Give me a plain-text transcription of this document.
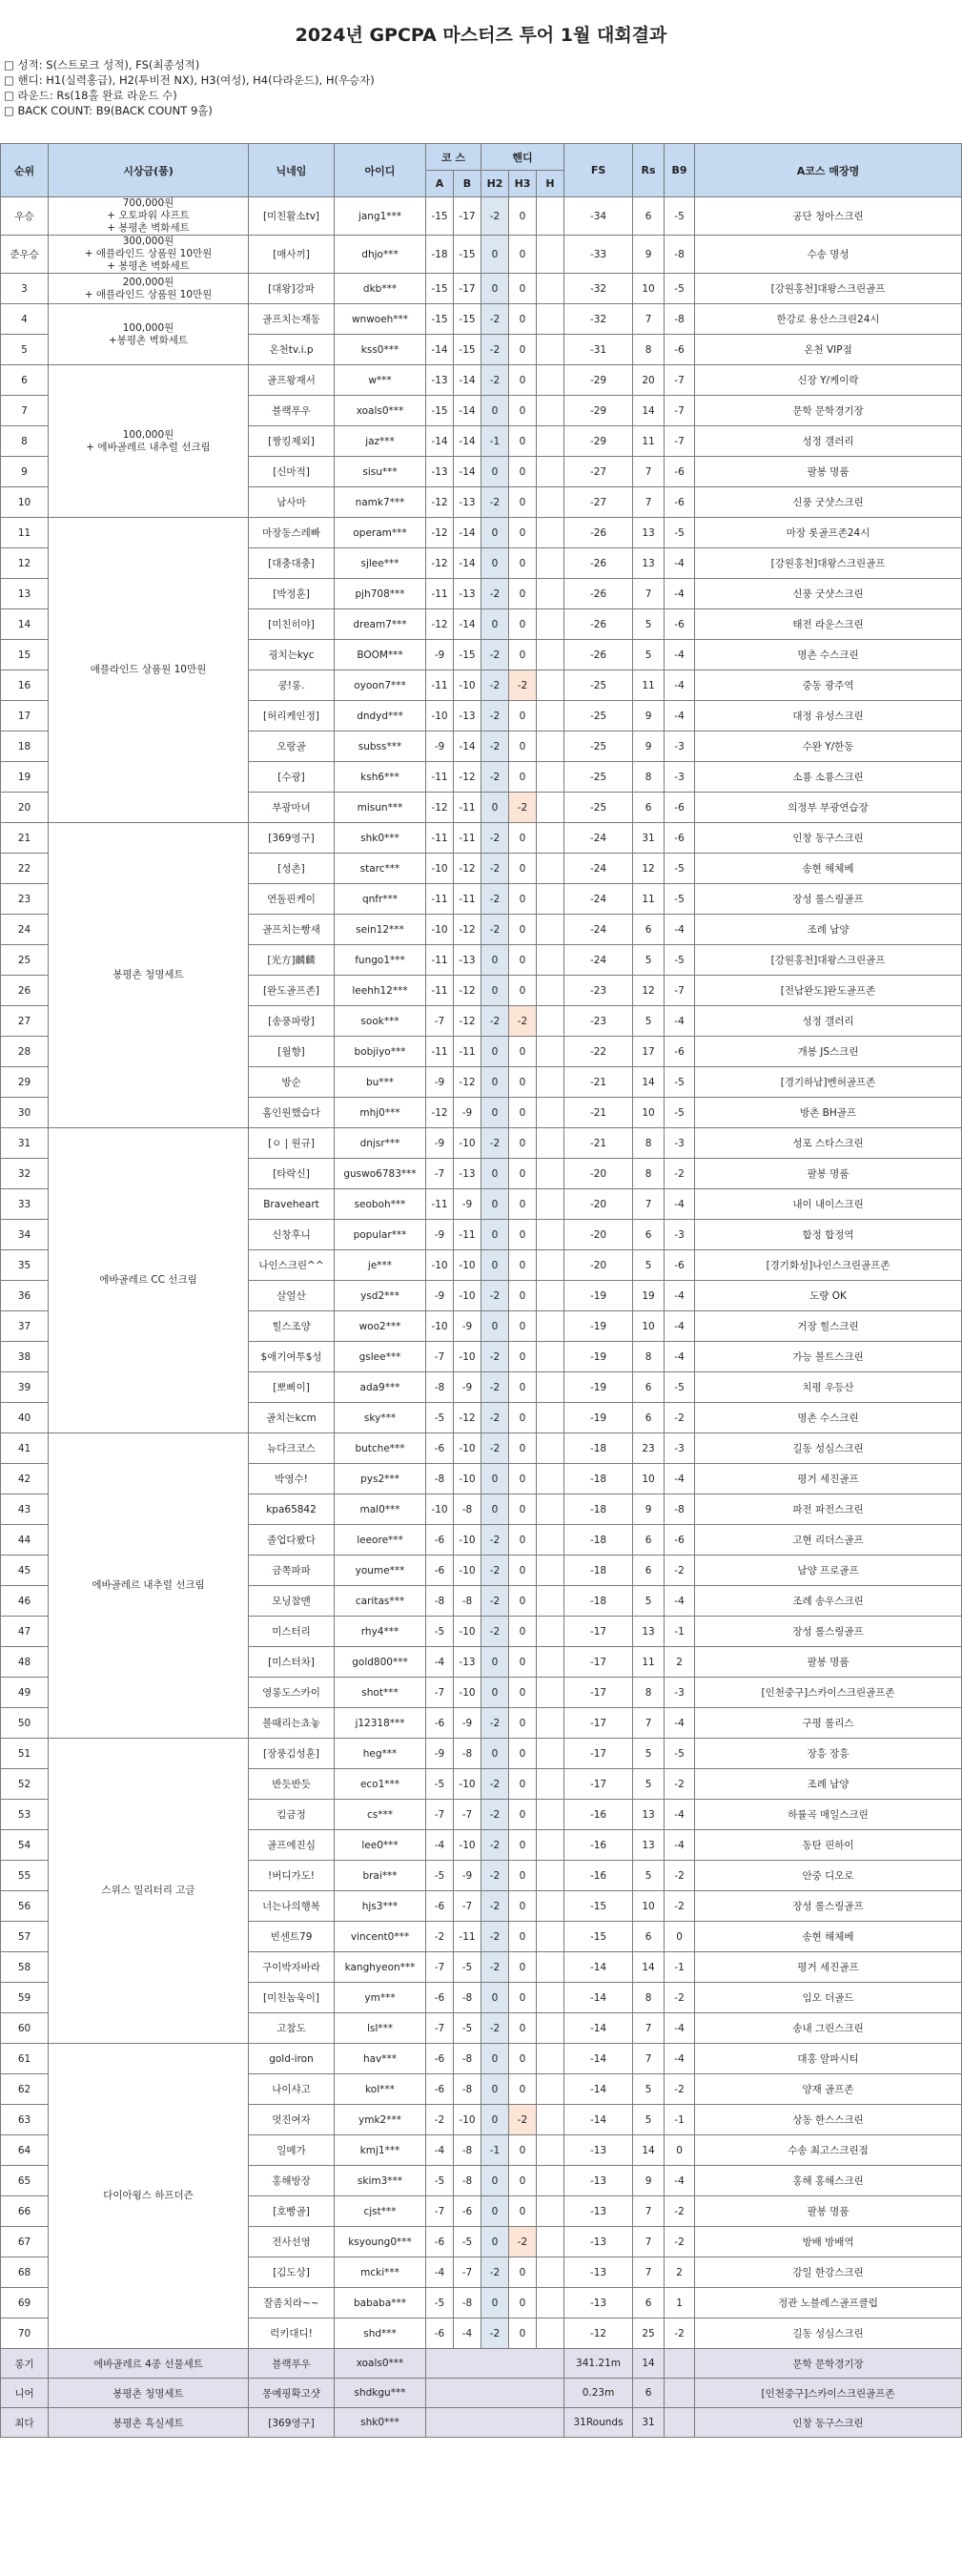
2024년 GPCPA 마스터즈 투어 1월 대회결과
□ 성적: S(스트로크 성적), FS(최종성적)
□ 핸디: H1(실력홍급), H2(투비전 NX), H3(여성), H4(다라운드), H(우승자)
□ 라운드: Rs(18홀 완료 라운드 수)
□ BACK COUNT: B9(BACK COUNT 9홀)
순위	시상금(품)	닉네임	아이디	코 스		핸디			FS	Rs	B9	A코스 매장명
				A	B	H2	H3	H				
우승	700,000원
+ 오토파워 샤프트
+ 봉평촌 벽화세트	[미친활소tv]	jang1***	-15	-17	-2	0		-34	6	-5	공단 청아스크린
준우승	300,000원
+ 애플라인드 상품원 10만원
+ 봉평촌 벽화세트	[매사끼]	dhjo***	-18	-15	0	0		-33	9	-8	수송 명성
3	200,000원
+ 애플라인드 상품원 10만원	[대왕]강파	dkb***	-15	-17	0	0		-32	10	-5	[강원홍천]대왕스크린골프
4	100,000원
+봉평촌 벽화세트	골프치는재동	wnwoeh***	-15	-15	-2	0		-32	7	-8	한강로 용산스크린24시
5		온천tv.i.p	kss0***	-14	-15	-2	0		-31	8	-6	온천 VIP점
6	100,000원
+ 에바골레르 내추럴 선크림	골프왕재서	w***	-13	-14	-2	0		-29	20	-7	신장 Y/케이락
7		블랙푸우	xoals0***	-15	-14	0	0		-29	14	-7	문학 문학경기장
8		[짱킹제외]	jaz***	-14	-14	-1	0		-29	11	-7	성정 갤러리
9		[신마적]	sisu***	-13	-14	0	0		-27	7	-6	팔봉 명품
10		남사마	namk7***	-12	-13	-2	0		-27	7	-6	신풍 굿샷스크린
11	애플라인드 상품원 10만원	마장동스레빠	operam***	-12	-14	0	0		-26	13	-5	마장 롯골프존24시
12		[대충대충]	sjlee***	-12	-14	0	0		-26	13	-4	[강원홍천]대왕스크린골프
13		[박정훈]	pjh708***	-11	-13	-2	0		-26	7	-4	신풍 굿샷스크린
14		[미친히야]	dream7***	-12	-14	0	0		-26	5	-6	태전 라운스크린
15		굉치는kyc	BOOM***	-9	-15	-2	0		-26	5	-4	명촌 수스크린
16		쿵!롱.	oyoon7***	-11	-10	-2	-2		-25	11	-4	중동 광주역
17		[허리케인정]	dndyd***	-10	-13	-2	0		-25	9	-4	대정 유성스크린
18		오랑골	subss***	-9	-14	-2	0		-25	9	-3	수완 Y/한동
19		[수광]	ksh6***	-11	-12	-2	0		-25	8	-3	소룡 소룡스크린
20		부광마녀	misun***	-12	-11	0	-2		-25	6	-6	의정부 부광연습장
21	봉평촌 청명세트	[369영구]	shk0***	-11	-11	-2	0		-24	31	-6	인창 동구스크린
22		[성촌]	starc***	-10	-12	-2	0		-24	12	-5	송현 해체베
23		연돌핀케이	qnfr***	-11	-11	-2	0		-24	11	-5	장성 롤스링골프
24		골프치는빵새	sein12***	-10	-12	-2	0		-24	6	-4	조례 남양
25		[光方]麟麟	fungo1***	-11	-13	0	0		-24	5	-5	[강원홍천]대왕스크린골프
26		[완도골프존]	leehh12***	-11	-12	0	0		-23	12	-7	[전남완도]완도골프존
27		[송풍파랑]	sook***	-7	-12	-2	-2		-23	5	-4	성정 갤러리
28		[월향]	bobjiyo***	-11	-11	0	0		-22	17	-6	개봉 JS스크린
29		방순	bu***	-9	-12	0	0		-21	14	-5	[경기하남]벤허골프존
30		홈인원했습다	mhj0***	-12	-9	0	0		-21	10	-5	방촌 BH골프
31	에바골레르 CC 선크림	[ㅇ | 원규]	dnjsr***	-9	-10	-2	0		-21	8	-3	성포 스타스크린
32		[타락신]	guswo6783***	-7	-13	0	0		-20	8	-2	팔봉 명품
33		Braveheart	seoboh***	-11	-9	0	0		-20	7	-4	내이 내이스크린
34		신창후니	popular***	-9	-11	0	0		-20	6	-3	합정 합정역
35		나인스크린^^	je***	-10	-10	0	0		-20	5	-6	[경기화성]나인스크린골프존
36		살얼산	ysd2***	-9	-10	-2	0		-19	19	-4	도량 OK
37		힐스조양	woo2***	-10	-9	0	0		-19	10	-4	거장 힐스크린
38		$애기여투$성	gslee***	-7	-10	-2	0		-19	8	-4	가능 볼트스크린
39		[뽀삐이]	ada9***	-8	-9	-2	0		-19	6	-5	치평 우등산
40		골치는kcm	sky***	-5	-12	-2	0		-19	6	-2	명촌 수스크린
41	에바골레르 내추럴 선크림	뉴다크코스	butche***	-6	-10	-2	0		-18	23	-3	길동 성심스크린
42		박영수!	pys2***	-8	-10	0	0		-18	10	-4	평거 세진골프
43		kpa65842	mal0***	-10	-8	0	0		-18	9	-8	파전 파전스크린
44		졸업다봤다	leeore***	-6	-10	-2	0		-18	6	-6	고현 리더스골프
45		금쪽파파	youme***	-6	-10	-2	0		-18	6	-2	남양 프로골프
46		모닝참맨	caritas***	-8	-8	-2	0		-18	5	-4	조례 송우스크린
47		미스터리	rhy4***	-5	-10	-2	0		-17	13	-1	장성 롤스링골프
48		[미스터차]	gold800***	-4	-13	0	0		-17	11	2	팔봉 명품
49		영롱도스카이	shot***	-7	-10	0	0		-17	8	-3	[인천중구]스카이스크린골프존
50		볼때리는쵸놓	j12318***	-6	-9	-2	0		-17	7	-4	구평 롤리스
51	스위스 밀리터리 고글	[장풍김성훈]	heg***	-9	-8	0	0		-17	5	-5	장흥 장흥
52		반듯반듯	eco1***	-5	-10	-2	0		-17	5	-2	조례 남양
53		킴금정	cs***	-7	-7	-2	0		-16	13	-4	하률곡 매일스크린
54		골프에진심	lee0***	-4	-10	-2	0		-16	13	-4	동탄 핀하이
55		!버디가도!	brai***	-5	-9	-2	0		-16	5	-2	안중 디오로
56		너는나의행복	hjs3***	-6	-7	-2	0		-15	10	-2	장성 롤스링골프
57		빈센트79	vincent0***	-2	-11	-2	0		-15	6	0	송현 해체베
58		구이박자바라	kanghyeon***	-7	-5	-2	0		-14	14	-1	평거 세진골프
59		[미친놈욱이]	ym***	-6	-8	0	0		-14	8	-2	임오 더골드
60		고참도	lsl***	-7	-5	-2	0		-14	7	-4	송내 그린스크린
61	다이아윙스 하프더즌	gold-iron	hav***	-6	-8	0	0		-14	7	-4	대홍 알파시티
62		나이샤고	kol***	-6	-8	0	0		-14	5	-2	양재 골프존
63		멋진여자	ymk2***	-2	-10	0	-2		-14	5	-1	상동 한스스크린
64		일메가	kmj1***	-4	-8	-1	0		-13	14	0	수송 최고스크린점
65		홍해방장	skim3***	-5	-8	0	0		-13	9	-4	홍해 홍해스크린
66		[호빵골]	cjst***	-7	-6	0	0		-13	7	-2	팔봉 명품
67		전사선영	ksyoung0***	-6	-5	0	-2		-13	7	-2	방배 방배역
68		[김도상]	mcki***	-4	-7	-2	0		-13	7	2	강일 한강스크린
69		잘좀치라~~	bababa***	-5	-8	0	0		-13	6	1	정관 노블레스골프클럽
70		럭키대디!	shd***	-6	-4	-2	0		-12	25	-2	길동 성심스크린
롱기	에바골레르 4종 선물세트	블랙푸우	xoals0***						341.21m	14		문학 문학경기장
니어	봉평촌 청명세트	몽예핑확고샷	shdkgu***						0.23m	6		[인천중구]스카이스크린골프존
최다	봉평촌 흑실세트	[369영구]	shk0***						31Rounds	31		인창 동구스크린
